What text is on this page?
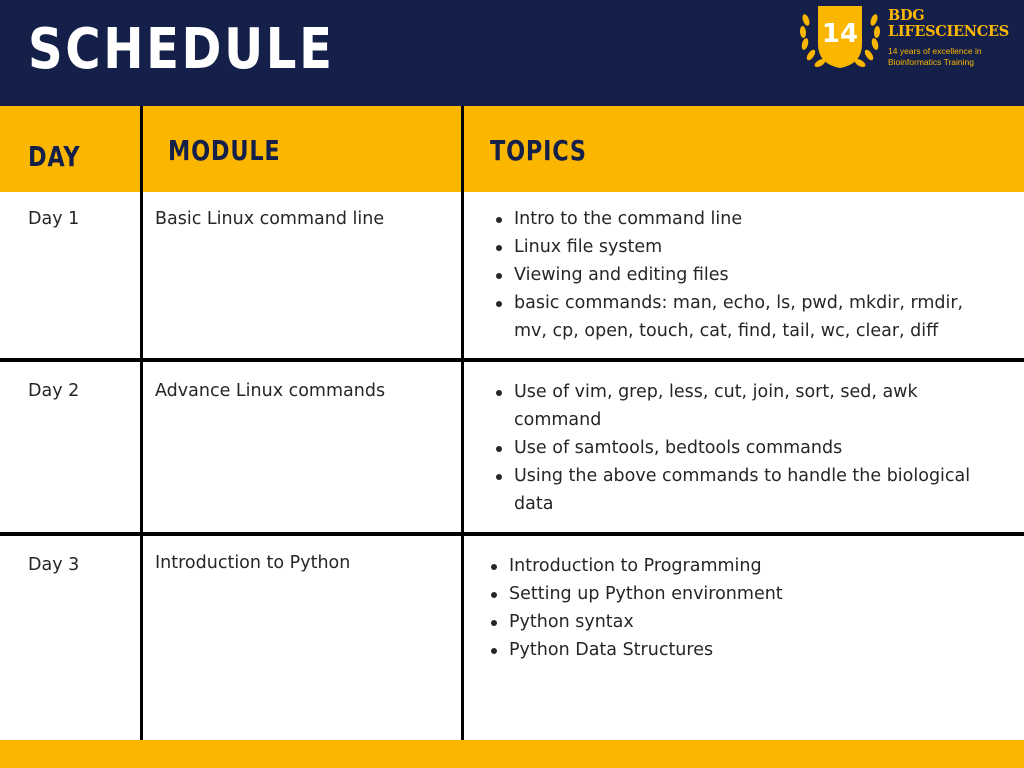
SCHEDULE	14
BDG
LIFESCIENCES
14 years of excellence in
Bioinformatics Training
DAY	MODULE	TOPICS
Day 1	Basic Linux command line	Intro to the command line
Linux file system
Viewing and editing files
basic commands: man, echo, ls, pwd, mkdir, rmdir, mv, cp, open, touch, cat, find, tail, wc, clear, diff
Day 2	Advance Linux commands	Use of vim, grep, less, cut, join, sort, sed, awk command
Use of samtools, bedtools commands
Using the above commands to handle the biological data
Day 3	Introduction to Python	Introduction to Programming
Setting up Python environment
Python syntax
Python Data Structures
